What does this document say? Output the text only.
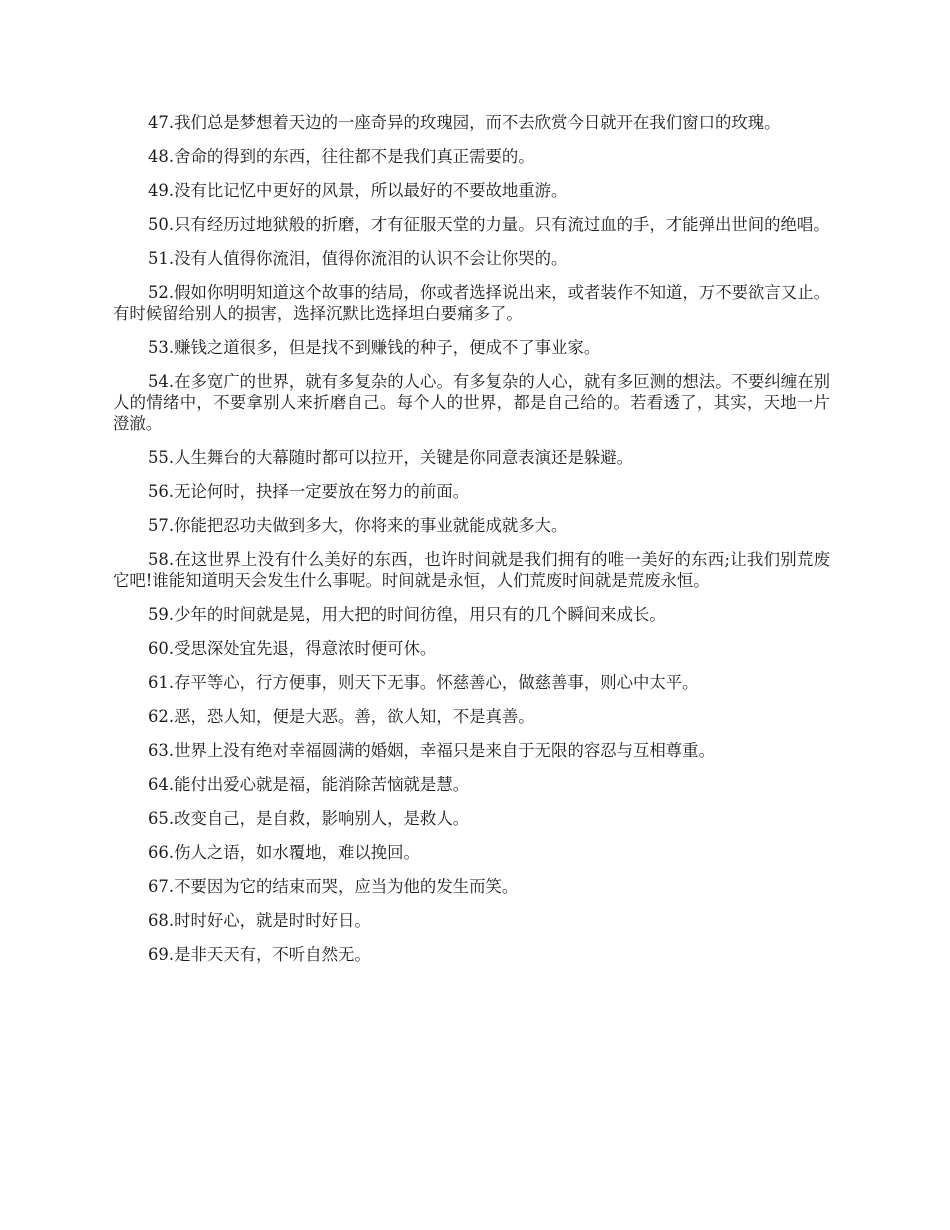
47.我们总是梦想着天边的一座奇异的玫瑰园，而不去欣赏今日就开在我们窗口的玫瑰。

48.舍命的得到的东西，往往都不是我们真正需要的。

49.没有比记忆中更好的风景，所以最好的不要故地重游。

50.只有经历过地狱般的折磨，才有征服天堂的力量。只有流过血的手，才能弹出世间的绝唱。

51.没有人值得你流泪，值得你流泪的认识不会让你哭的。

52.假如你明明知道这个故事的结局，你或者选择说出来，或者装作不知道，万不要欲言又止。有时候留给别人的损害，选择沉默比选择坦白要痛多了。

53.赚钱之道很多，但是找不到赚钱的种子，便成不了事业家。

54.在多宽广的世界，就有多复杂的人心。有多复杂的人心，就有多叵测的想法。不要纠缠在别人的情绪中，不要拿别人来折磨自己。每个人的世界，都是自己给的。若看透了，其实，天地一片澄澈。

55.人生舞台的大幕随时都可以拉开，关键是你同意表演还是躲避。

56.无论何时，抉择一定要放在努力的前面。

57.你能把忍功夫做到多大，你将来的事业就能成就多大。

58.在这世界上没有什么美好的东西，也许时间就是我们拥有的唯一美好的东西;让我们别荒废它吧!谁能知道明天会发生什么事呢。时间就是永恒，人们荒废时间就是荒废永恒。

59.少年的时间就是晃，用大把的时间彷徨，用只有的几个瞬间来成长。

60.受思深处宜先退，得意浓时便可休。

61.存平等心，行方便事，则天下无事。怀慈善心，做慈善事，则心中太平。

62.恶，恐人知，便是大恶。善，欲人知，不是真善。

63.世界上没有绝对幸福圆满的婚姻，幸福只是来自于无限的容忍与互相尊重。

64.能付出爱心就是福，能消除苦恼就是慧。

65.改变自己，是自救，影响别人，是救人。

66.伤人之语，如水覆地，难以挽回。

67.不要因为它的结束而哭，应当为他的发生而笑。

68.时时好心，就是时时好日。

69.是非天天有，不听自然无。
